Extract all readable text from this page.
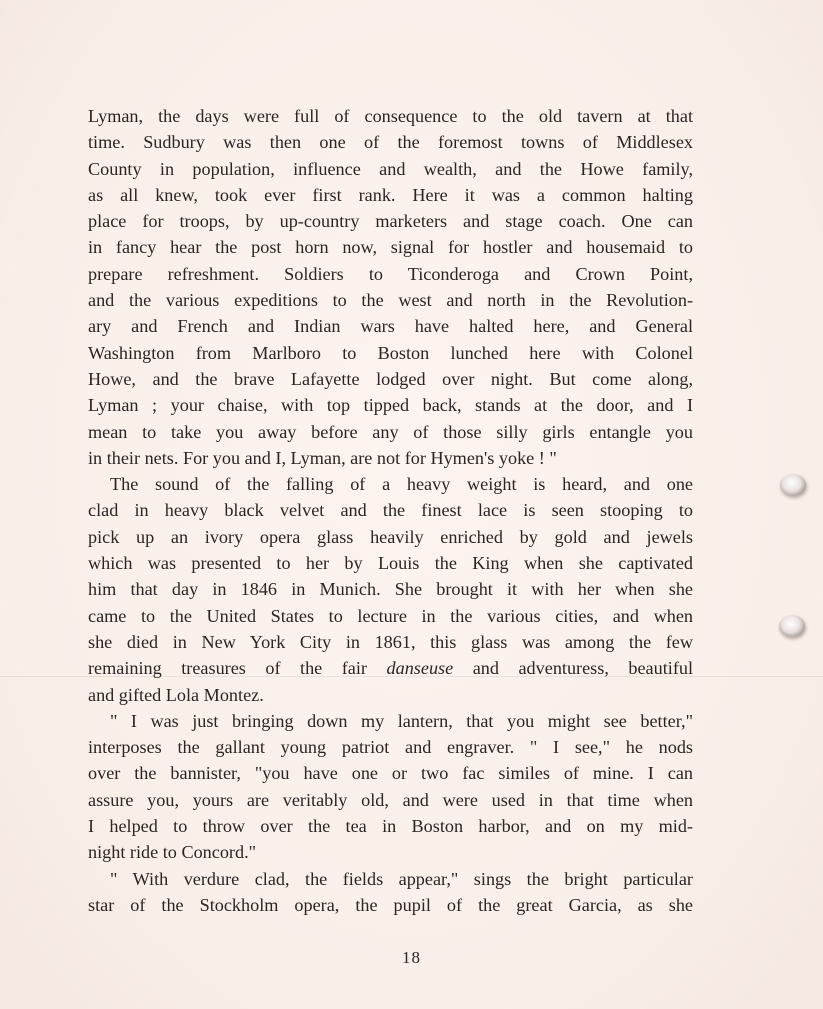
Lyman, the days were full of consequence to the old tavern at that
time. Sudbury was then one of the foremost towns of Middlesex
County in population, influence and wealth, and the Howe family,
as all knew, took ever first rank. Here it was a common halting
place for troops, by up-country marketers and stage coach. One can
in fancy hear the post horn now, signal for hostler and housemaid to
prepare refreshment. Soldiers to Ticonderoga and Crown Point,
and the various expeditions to the west and north in the Revolution-
ary and French and Indian wars have halted here, and General
Washington from Marlboro to Boston lunched here with Colonel
Howe, and the brave Lafayette lodged over night. But come along,
Lyman ; your chaise, with top tipped back, stands at the door, and I
mean to take you away before any of those silly girls entangle you
in their nets. For you and I, Lyman, are not for Hymen's yoke ! "
The sound of the falling of a heavy weight is heard, and one
clad in heavy black velvet and the finest lace is seen stooping to
pick up an ivory opera glass heavily enriched by gold and jewels
which was presented to her by Louis the King when she captivated
him that day in 1846 in Munich. She brought it with her when she
came to the United States to lecture in the various cities, and when
she died in New York City in 1861, this glass was among the few
remaining treasures of the fair danseuse and adventuress, beautiful
and gifted Lola Montez.
" I was just bringing down my lantern, that you might see better,"
interposes the gallant young patriot and engraver. " I see," he nods
over the bannister, "you have one or two fac similes of mine. I can
assure you, yours are veritably old, and were used in that time when
I helped to throw over the tea in Boston harbor, and on my mid-
night ride to Concord."
" With verdure clad, the fields appear," sings the bright particular
star of the Stockholm opera, the pupil of the great Garcia, as she
18
